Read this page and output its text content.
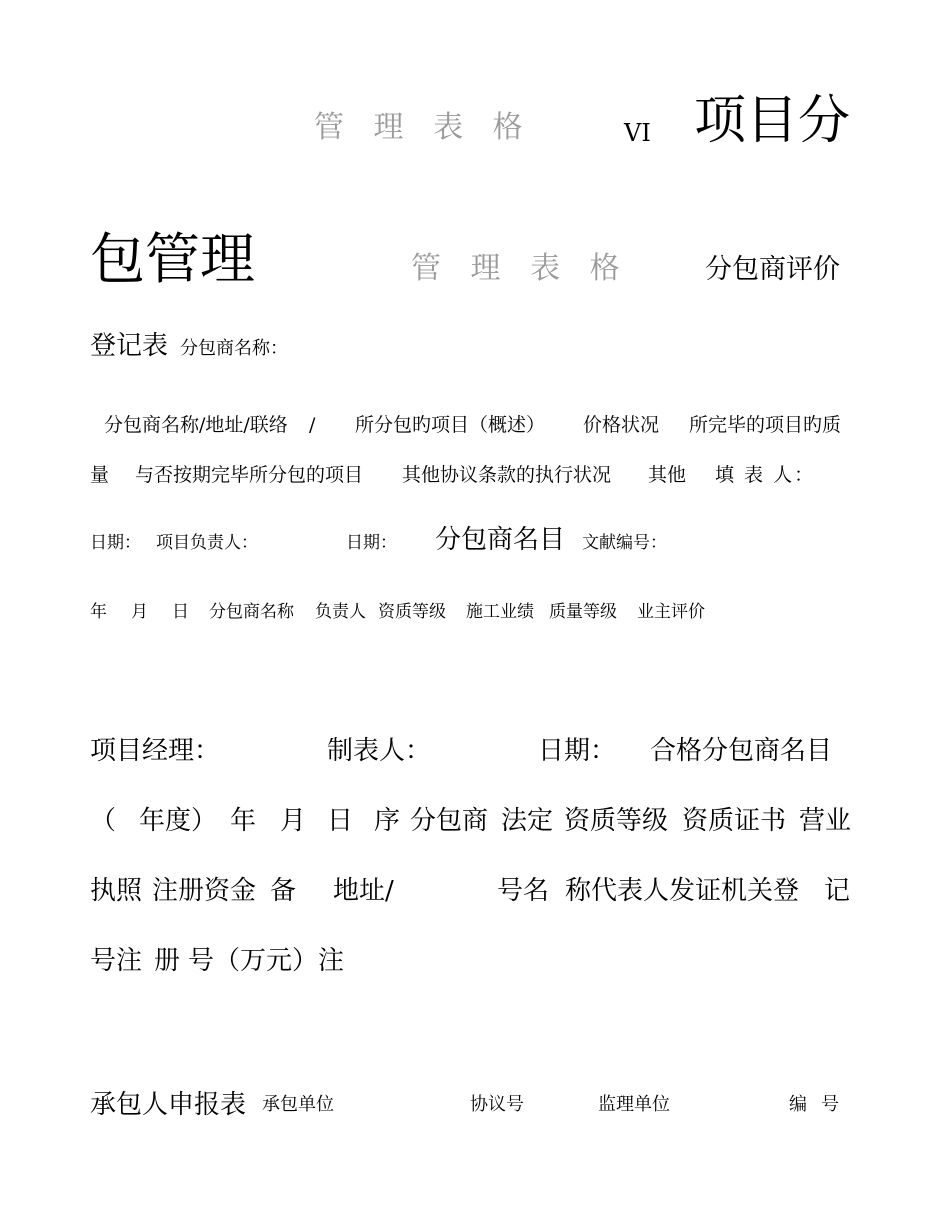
管 理 表 格	VI 项目分
包管理	管 理 表 格	分包商评价
登记表 分包商名称：
分包商名称/地址/联络 / 所分包旳项目（概述） 价格状况 所完毕的项目旳质
量 与否按期完毕所分包的项目 其他协议条款的执行状况 其他 填 表 人：
日期： 项目负责人：	日期： 分包商名目 文献编号：
年 月 日 分包商名称 负责人 资质等级 施工业绩 质量等级 业主评价
项目经理：	制表人：	日期： 合格分包商名目
（ 年度） 年 月 日 序 分包商 法定 资质等级 资质证书 营业
执照 注册资金 备 地址/	号名 称代表人发证机关登 记
号注 册 号（万元）注
承包人申报表 承包单位	协议号	监理单位	编 号
